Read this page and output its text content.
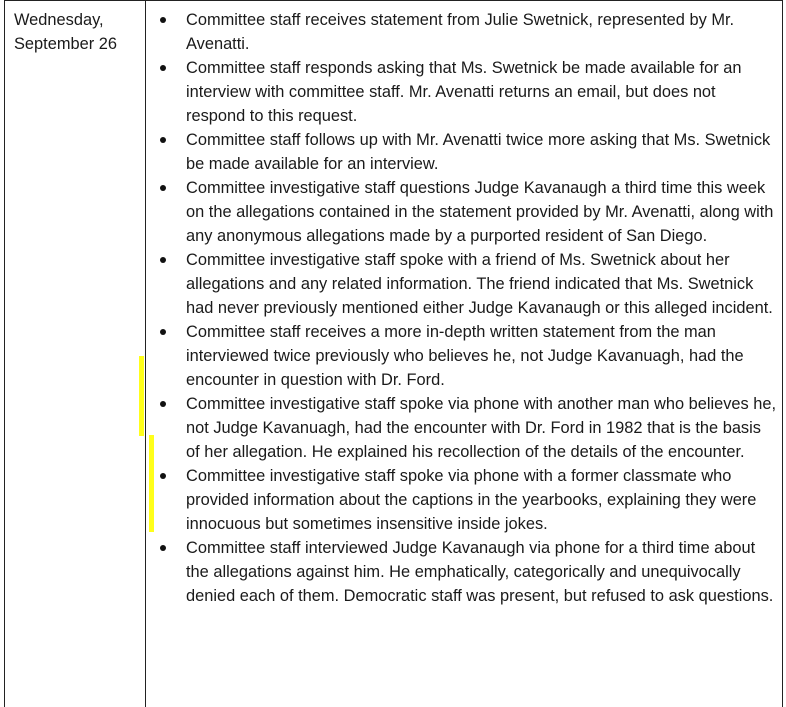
Wednesday,
September 26
Committee staff receives statement from Julie Swetnick, represented by Mr. Avenatti.
Committee staff responds asking that Ms. Swetnick be made available for an interview with committee staff. Mr. Avenatti returns an email, but does not respond to this request.
Committee staff follows up with Mr. Avenatti twice more asking that Ms. Swetnick be made available for an interview.
Committee investigative staff questions Judge Kavanaugh a third time this week on the allegations contained in the statement provided by Mr. Avenatti, along with any anonymous allegations made by a purported resident of San Diego.
Committee investigative staff spoke with a friend of Ms. Swetnick about her allegations and any related information. The friend indicated that Ms. Swetnick had never previously mentioned either Judge Kavanaugh or this alleged incident.
Committee staff receives a more in-depth written statement from the man interviewed twice previously who believes he, not Judge Kavanuagh, had the encounter in question with Dr. Ford.
Committee investigative staff spoke via phone with another man who believes he, not Judge Kavanuagh, had the encounter with Dr. Ford in 1982 that is the basis of her allegation. He explained his recollection of the details of the encounter.
Committee investigative staff spoke via phone with a former classmate who provided information about the captions in the yearbooks, explaining they were innocuous but sometimes insensitive inside jokes.
Committee staff interviewed Judge Kavanaugh via phone for a third time about the allegations against him. He emphatically, categorically and unequivocally denied each of them. Democratic staff was present, but refused to ask questions.
